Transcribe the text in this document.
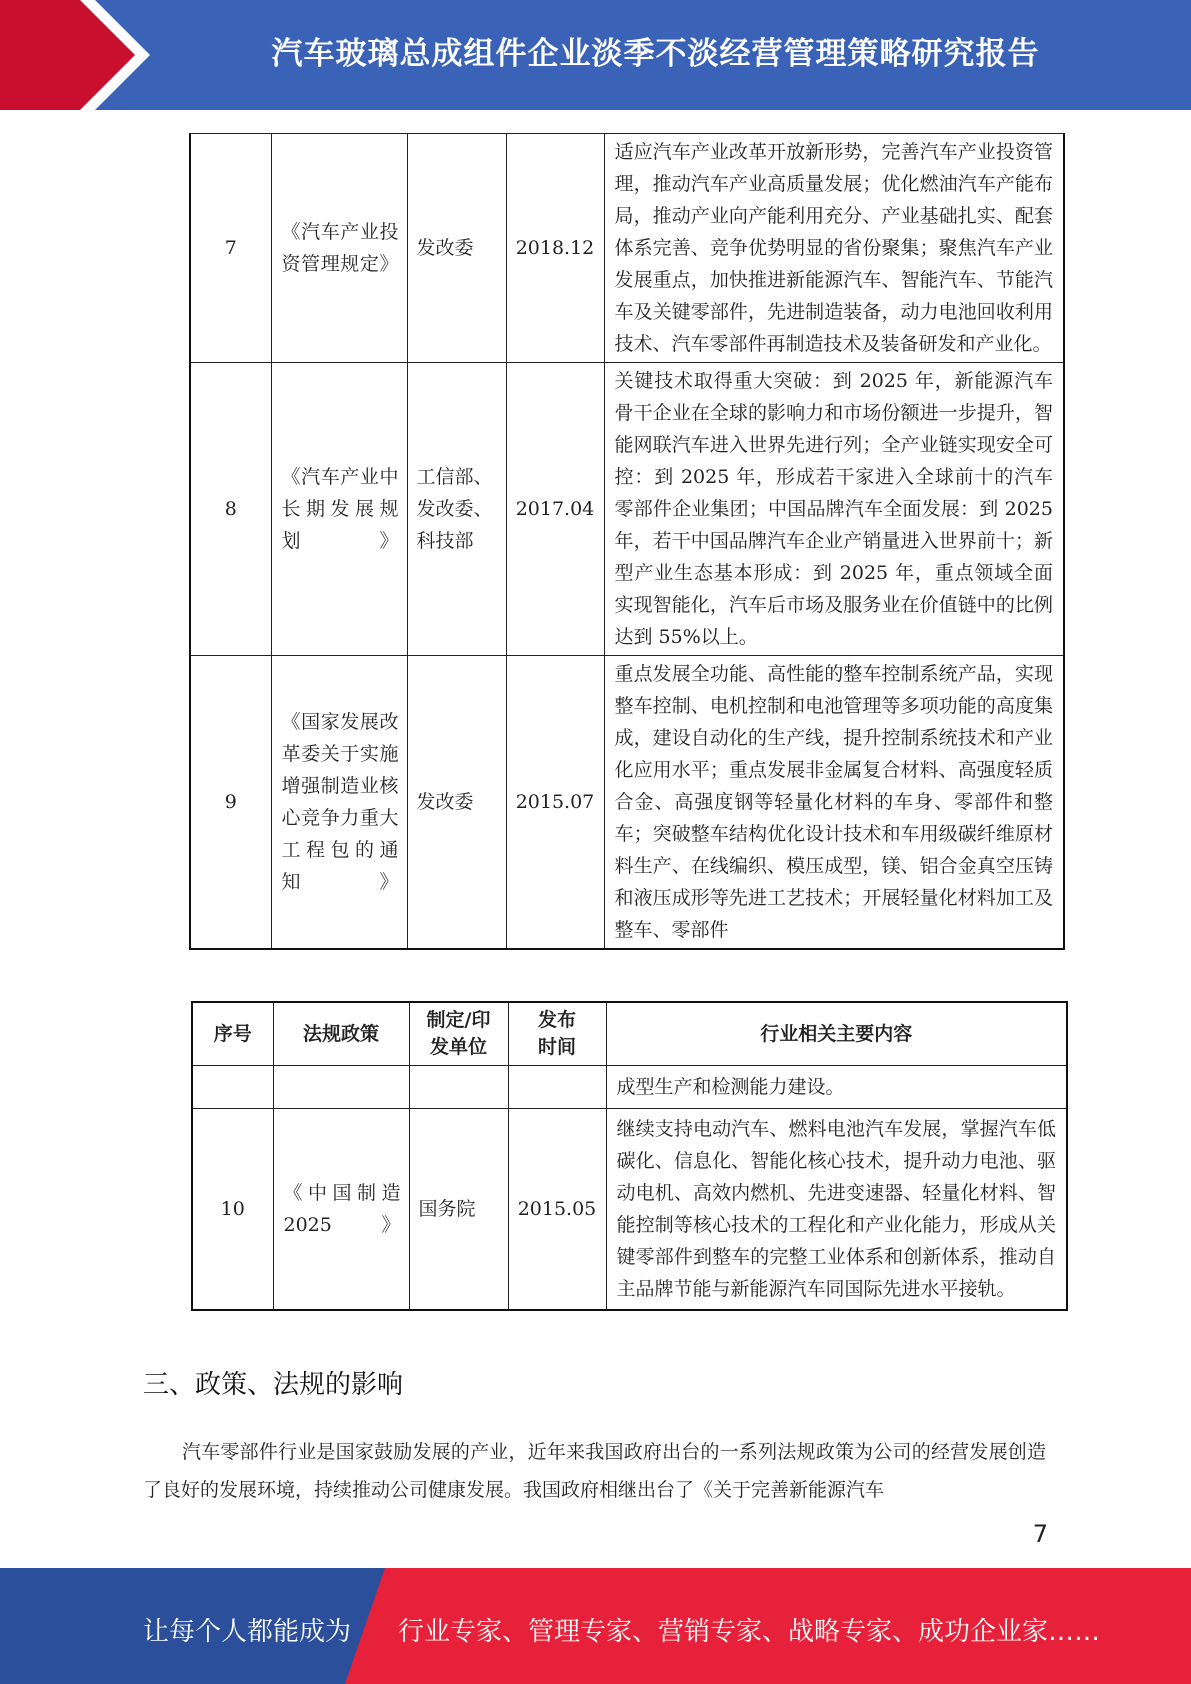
汽车玻璃总成组件企业淡季不淡经营管理策略研究报告
7	《汽车产业投资管理规定》	发改委	2018.12	适应汽车产业改革开放新形势，完善汽车产业投资管理，推动汽车产业高质量发展；优化燃油汽车产能布局，推动产业向产能利用充分、产业基础扎实、配套体系完善、竞争优势明显的省份聚集；聚焦汽车产业发展重点，加快推进新能源汽车、智能汽车、节能汽车及关键零部件，先进制造装备，动力电池回收利用技术、汽车零部件再制造技术及装备研发和产业化。
8	《汽车产业中长期发展规划》	工信部、发改委、科技部	2017.04	关键技术取得重大突破：到 2025 年，新能源汽车骨干企业在全球的影响力和市场份额进一步提升，智能网联汽车进入世界先进行列；全产业链实现安全可控：到 2025 年，形成若干家进入全球前十的汽车零部件企业集团；中国品牌汽车全面发展：到 2025 年，若干中国品牌汽车企业产销量进入世界前十；新型产业生态基本形成：到 2025 年，重点领域全面实现智能化，汽车后市场及服务业在价值链中的比例达到 55%以上。
9	《国家发展改革委关于实施增强制造业核心竞争力重大工程包的通知》	发改委	2015.07	重点发展全功能、高性能的整车控制系统产品，实现整车控制、电机控制和电池管理等多项功能的高度集成，建设自动化的生产线，提升控制系统技术和产业化应用水平；重点发展非金属复合材料、高强度轻质合金、高强度钢等轻量化材料的车身、零部件和整车；突破整车结构优化设计技术和车用级碳纤维原材料生产、在线编织、模压成型，镁、铝合金真空压铸和液压成形等先进工艺技术；开展轻量化材料加工及整车、零部件
序号	法规政策	制定/印发单位	发布时间	行业相关主要内容
				成型生产和检测能力建设。
10	《中国制造2025》	国务院	2015.05	继续支持电动汽车、燃料电池汽车发展，掌握汽车低碳化、信息化、智能化核心技术，提升动力电池、驱动电机、高效内燃机、先进变速器、轻量化材料、智能控制等核心技术的工程化和产业化能力，形成从关键零部件到整车的完整工业体系和创新体系，推动自主品牌节能与新能源汽车同国际先进水平接轨。
三、政策、法规的影响
汽车零部件行业是国家鼓励发展的产业，近年来我国政府出台的一系列法规政策为公司的经营发展创造了良好的发展环境，持续推动公司健康发展。我国政府相继出台了《关于完善新能源汽车
7
让每个人都能成为 行业专家、管理专家、营销专家、战略专家、成功企业家……
